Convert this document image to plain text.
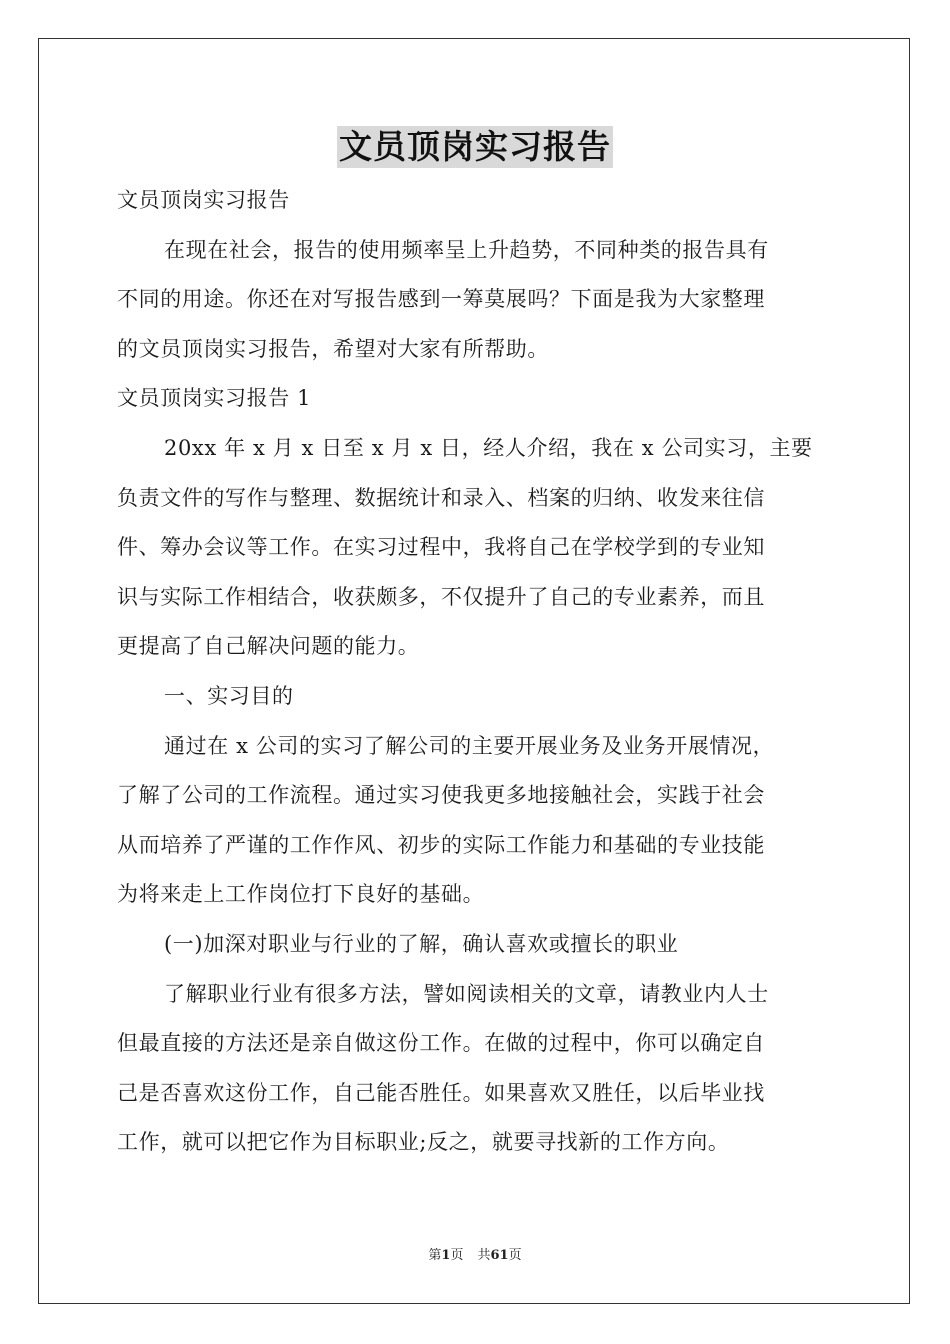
文员顶岗实习报告
文员顶岗实习报告
在现在社会，报告的使用频率呈上升趋势，不同种类的报告具有
不同的用途。你还在对写报告感到一筹莫展吗？下面是我为大家整理
的文员顶岗实习报告，希望对大家有所帮助。
文员顶岗实习报告 1
20xx 年 x 月 x 日至 x 月 x 日，经人介绍，我在 x 公司实习，主要
负责文件的写作与整理、数据统计和录入、档案的归纳、收发来往信
件、筹办会议等工作。在实习过程中，我将自己在学校学到的专业知
识与实际工作相结合，收获颇多，不仅提升了自己的专业素养，而且
更提高了自己解决问题的能力。
一、实习目的
通过在 x 公司的实习了解公司的主要开展业务及业务开展情况，
了解了公司的工作流程。通过实习使我更多地接触社会，实践于社会
从而培养了严谨的工作作风、初步的实际工作能力和基础的专业技能
为将来走上工作岗位打下良好的基础。
(一)加深对职业与行业的了解，确认喜欢或擅长的职业
了解职业行业有很多方法，譬如阅读相关的文章，请教业内人士
但最直接的方法还是亲自做这份工作。在做的过程中，你可以确定自
己是否喜欢这份工作，自己能否胜任。如果喜欢又胜任，以后毕业找
工作，就可以把它作为目标职业;反之，就要寻找新的工作方向。
第1页 共61页
